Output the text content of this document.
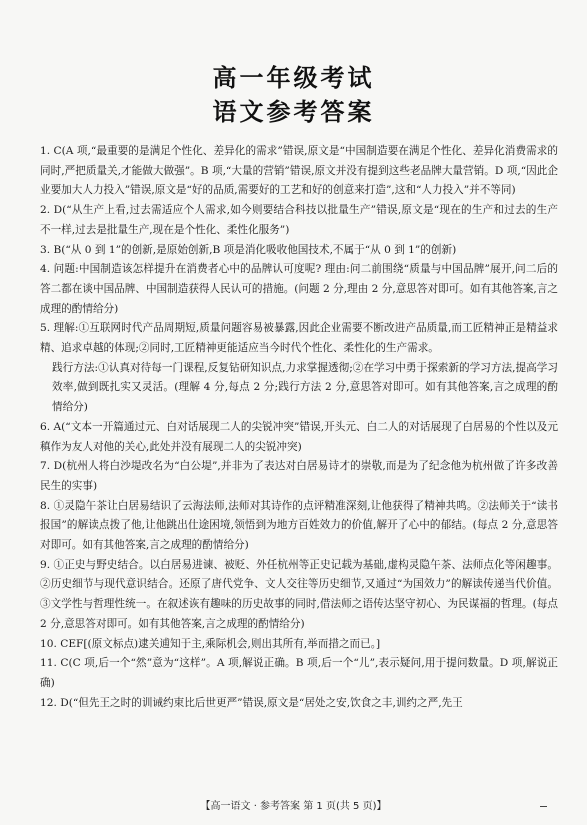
高一年级考试
语文参考答案

1. C(A 项,“最重要的是满足个性化、差异化的需求”错误,原文是“中国制造要在满足个性化、差异化消费需求的同时,严把质量关,才能做大做强”。B 项,“大量的营销”错误,原文并没有提到这些老品牌大量营销。D 项,“因此企业要加大人力投入”错误,原文是“好的品质,需要好的工艺和好的创意来打造”,这和“人力投入”并不等同)

2. D(“从生产上看,过去需适应个人需求,如今则要结合科技以批量生产”错误,原文是“现在的生产和过去的生产不一样,过去是批量生产,现在是个性化、柔性化服务”)

3. B(“从 0 到 1”的创新,是原始创新,B 项是消化吸收他国技术,不属于“从 0 到 1”的创新)

4. 问题:中国制造该怎样提升在消费者心中的品牌认可度呢? 理由:问二前围绕“质量与中国品牌”展开,问二后的答二都在谈中国品牌、中国制造获得人民认可的措施。(问题 2 分,理由 2 分,意思答对即可。如有其他答案,言之成理的酌情给分)

5. 理解:①互联网时代产品周期短,质量问题容易被暴露,因此企业需要不断改进产品质量,而工匠精神正是精益求精、追求卓越的体现;②同时,工匠精神更能适应当今时代个性化、柔性化的生产需求。

践行方法:①认真对待每一门课程,反复钻研知识点,力求掌握透彻;②在学习中勇于探索新的学习方法,提高学习效率,做到既扎实又灵活。(理解 4 分,每点 2 分;践行方法 2 分,意思答对即可。如有其他答案,言之成理的酌情给分)

6. A(“文本一开篇通过元、白对话展现二人的尖锐冲突”错误,开头元、白二人的对话展现了白居易的个性以及元稹作为友人对他的关心,此处并没有展现二人的尖锐冲突)

7. D(杭州人将白沙堤改名为“白公堤”,并非为了表达对白居易诗才的崇敬,而是为了纪念他为杭州做了许多改善民生的实事)

8. ①灵隐午茶让白居易结识了云海法师,法师对其诗作的点评精准深刻,让他获得了精神共鸣。②法师关于“读书报国”的解读点拨了他,让他跳出仕途困境,领悟到为地方百姓效力的价值,解开了心中的郁结。(每点 2 分,意思答对即可。如有其他答案,言之成理的酌情给分)

9. ①正史与野史结合。以白居易进谏、被贬、外任杭州等正史记载为基础,虚构灵隐午茶、法师点化等闲趣事。②历史细节与现代意识结合。还原了唐代党争、文人交往等历史细节,又通过“为国效力”的解读传递当代价值。③文学性与哲理性统一。在叙述诙有趣味的历史故事的同时,借法师之语传达坚守初心、为民谋福的哲理。(每点 2 分,意思答对即可。如有其他答案,言之成理的酌情给分)

10. CEF[(原文标点)逮关逋知于主,乘际机会,则出其所有,举而措之而已。]

11. C(C 项,后一个“然”意为“这样”。A 项,解说正确。B 项,后一个“儿”,表示疑问,用于提问数量。D 项,解说正确)

12. D(“但先王之时的训诫约束比后世更严”错误,原文是“居处之安,饮食之丰,训约之严,先王

【高一语文 · 参考答案 第 1 页(共 5 页)】
